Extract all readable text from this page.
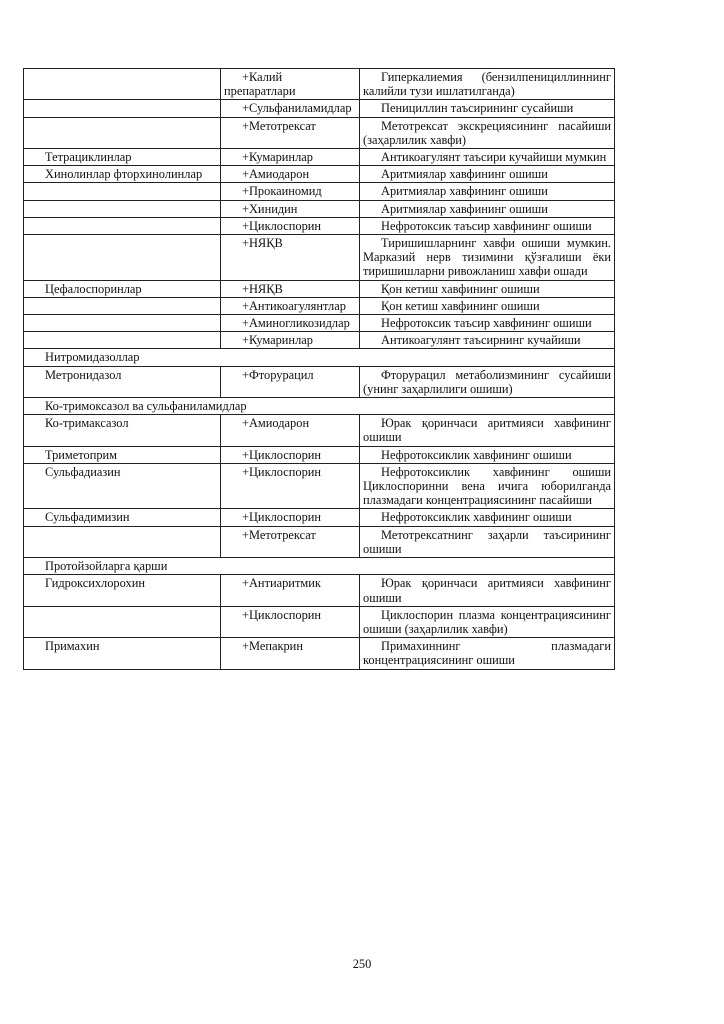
	+Калий препаратлари	Гиперкалиемия (бензилпенициллиннинг калийли тузи ишлатилганда)
	+Сульфаниламидлар	Пенициллин таъсирининг сусайиши
	+Метотрексат	Метотрексат экскрециясининг пасайиши (заҳарлилик хавфи)
Тетрациклинлар	+Кумаринлар	Антикоагулянт таъсири кучайиши мумкин
Хинолинлар фторхинолинлар	+Амиодарон	Аритмиялар хавфининг ошиши
	+Прокаиномид	Аритмиялар хавфининг ошиши
	+Хинидин	Аритмиялар хавфининг ошиши
	+Циклоспорин	Нефротоксик таъсир хавфининг ошиши
	+НЯҚВ	Тиришишларнинг хавфи ошиши мумкин. Марказий нерв тизимини қўзғалиши ёки тиришишларни ривожланиш хавфи ошади
Цефалоспоринлар	+НЯҚВ	Қон кетиш хавфининг ошиши
	+Антикоагулянтлар	Қон кетиш хавфининг ошиши
	+Аминогликозидлар	Нефротоксик таъсир хавфининг ошиши
	+Кумаринлар	Антикоагулянт таъсирнинг кучайиши
Нитромидазоллар		
Метронидазол	+Фторурацил	Фторурацил метаболизмининг сусайиши (унинг заҳарлилиги ошиши)
Ко-тримоксазол ва сульфаниламидлар		
Ко-тримаксазол	+Амиодарон	Юрак қоринчаси аритмияси хавфининг ошиши
Триметоприм	+Циклоспорин	Нефротоксиклик хавфининг ошиши
Сульфадиазин	+Циклоспорин	Нефротоксиклик хавфининг ошиши Циклоспоринни вена ичига юборилганда плазмадаги концентрациясининг пасайиши
Сульфадимизин	+Циклоспорин	Нефротоксиклик хавфининг ошиши
	+Метотрексат	Метотрексатнинг заҳарли таъсирининг ошиши
Протойзойларга қарши		
Гидроксихлорохин	+Антиаритмик	Юрак қоринчаси аритмияси хавфининг ошиши
	+Циклоспорин	Циклоспорин плазма концентрациясининг ошиши (заҳарлилик хавфи)
Примахин	+Мепакрин	Примахиннинг плазмадаги концентрациясининг ошиши
250
